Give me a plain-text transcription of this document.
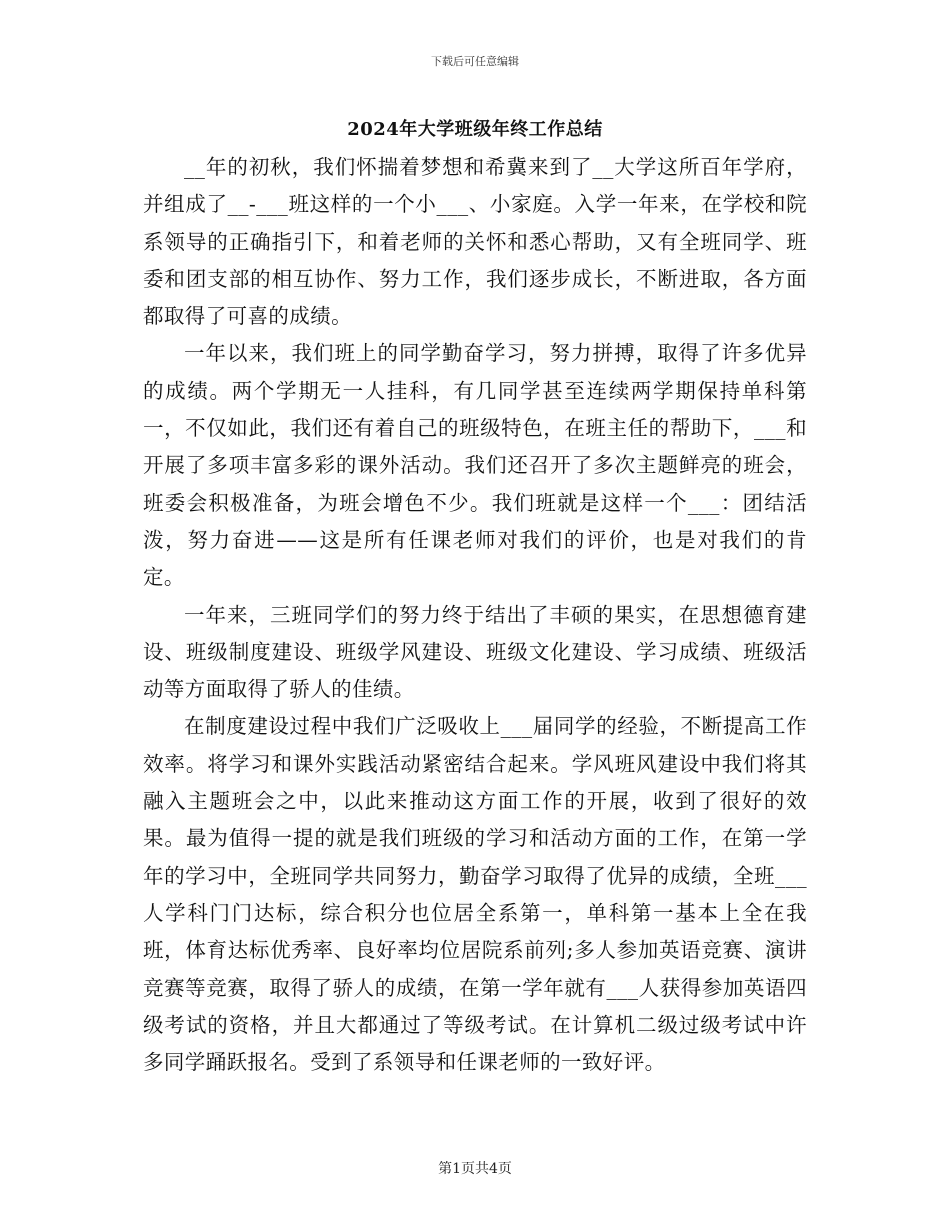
下载后可任意编辑
2024年大学班级年终工作总结

__年的初秋，我们怀揣着梦想和希冀来到了__大学这所百年学府，并组成了__-___班这样的一个小___、小家庭。入学一年来，在学校和院系领导的正确指引下，和着老师的关怀和悉心帮助，又有全班同学、班委和团支部的相互协作、努力工作，我们逐步成长，不断进取，各方面都取得了可喜的成绩。

一年以来，我们班上的同学勤奋学习，努力拼搏，取得了许多优异的成绩。两个学期无一人挂科，有几同学甚至连续两学期保持单科第一，不仅如此，我们还有着自己的班级特色，在班主任的帮助下，___和开展了多项丰富多彩的课外活动。我们还召开了多次主题鲜亮的班会，班委会积极准备，为班会增色不少。我们班就是这样一个___：团结活泼，努力奋进——这是所有任课老师对我们的评价，也是对我们的肯定。

一年来，三班同学们的努力终于结出了丰硕的果实，在思想德育建设、班级制度建设、班级学风建设、班级文化建设、学习成绩、班级活动等方面取得了骄人的佳绩。

在制度建设过程中我们广泛吸收上___届同学的经验，不断提高工作效率。将学习和课外实践活动紧密结合起来。学风班风建设中我们将其融入主题班会之中，以此来推动这方面工作的开展，收到了很好的效果。最为值得一提的就是我们班级的学习和活动方面的工作，在第一学年的学习中，全班同学共同努力，勤奋学习取得了优异的成绩，全班___人学科门门达标，综合积分也位居全系第一，单科第一基本上全在我班，体育达标优秀率、良好率均位居院系前列;多人参加英语竞赛、演讲竞赛等竞赛，取得了骄人的成绩，在第一学年就有___人获得参加英语四级考试的资格，并且大都通过了等级考试。在计算机二级过级考试中许多同学踊跃报名。受到了系领导和任课老师的一致好评。

第1页共4页
